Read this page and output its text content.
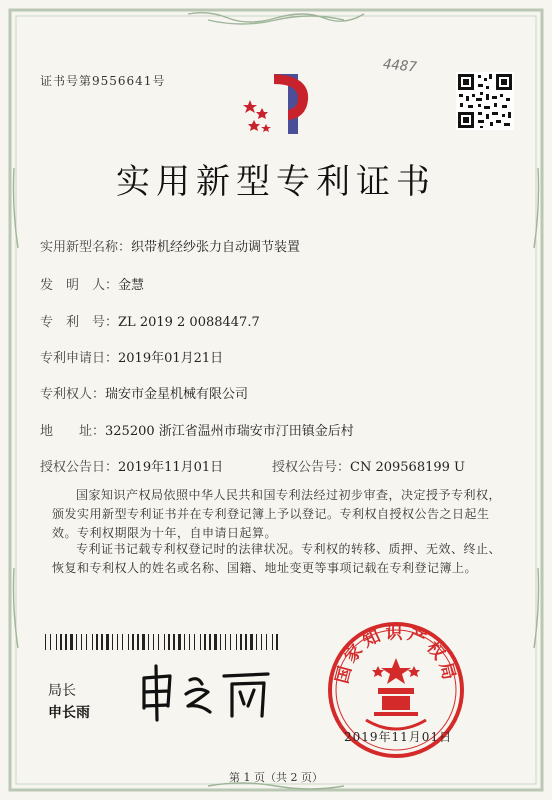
证书号第9556641号
4487
实用新型专利证书
实用新型名称：织带机经纱张力自动调节装置
发　明　人：金慧
专　利　号：ZL 2019 2 0088447.7
专利申请日：2019年01月21日
专利权人：瑞安市金星机械有限公司
地　　址：325200 浙江省温州市瑞安市汀田镇金后村
授权公告日：2019年11月01日	授权公告号：CN 209568199 U
国家知识产权局依照中华人民共和国专利法经过初步审查，决定授予专利权，颁发实用新型专利证书并在专利登记簿上予以登记。专利权自授权公告之日起生效。专利权期限为十年，自申请日起算。
专利证书记载专利权登记时的法律状况。专利权的转移、质押、无效、终止、恢复和专利权人的姓名或名称、国籍、地址变更等事项记载在专利登记簿上。
局长
申长雨
国家知识产权局
2019年11月01日
第 1 页（共 2 页）
